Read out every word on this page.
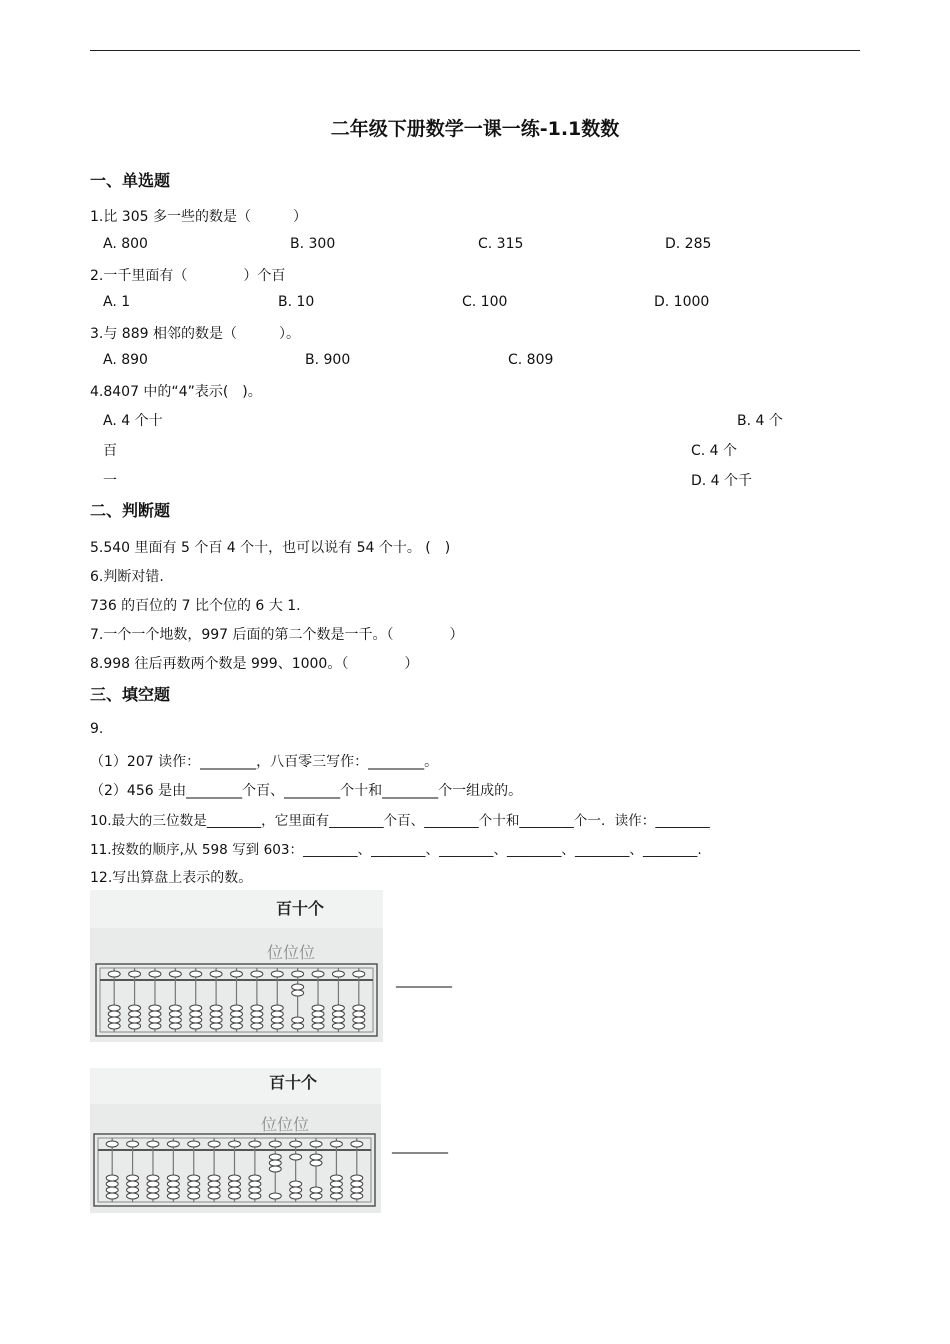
二年级下册数学一课一练-1.1数数
一、单选题
1.比 305 多一些的数是（　　　）
A. 800	B. 300	C. 315	D. 285
2.一千里面有（　　　　）个百
A. 1	B. 10	C. 100	D. 1000
3.与 889 相邻的数是（　　　）。
A. 890	B. 900	C. 809
4.8407 中的“4”表示(　)。
A. 4 个十	B. 4 个
百	C. 4 个
一	D. 4 个千
二、判断题
5.540 里面有 5 个百 4 个十，也可以说有 54 个十。 (　)
6.判断对错.
736 的百位的 7 比个位的 6 大 1.
7.一个一个地数，997 后面的第二个数是一千。（　　　　）
8.998 往后再数两个数是 999、1000。（　　　　）
三、填空题
9.
（1）207 读作：________，八百零三写作：________。
（2）456 是由________个百、________个十和________个一组成的。
10.最大的三位数是________，它里面有________个百、________个十和________个一．读作：________
11.按数的顺序,从 598 写到 603：________、________、________、________、________、________.
12.写出算盘上表示的数。
百十个
位位位
________
百十个
位位位
________
